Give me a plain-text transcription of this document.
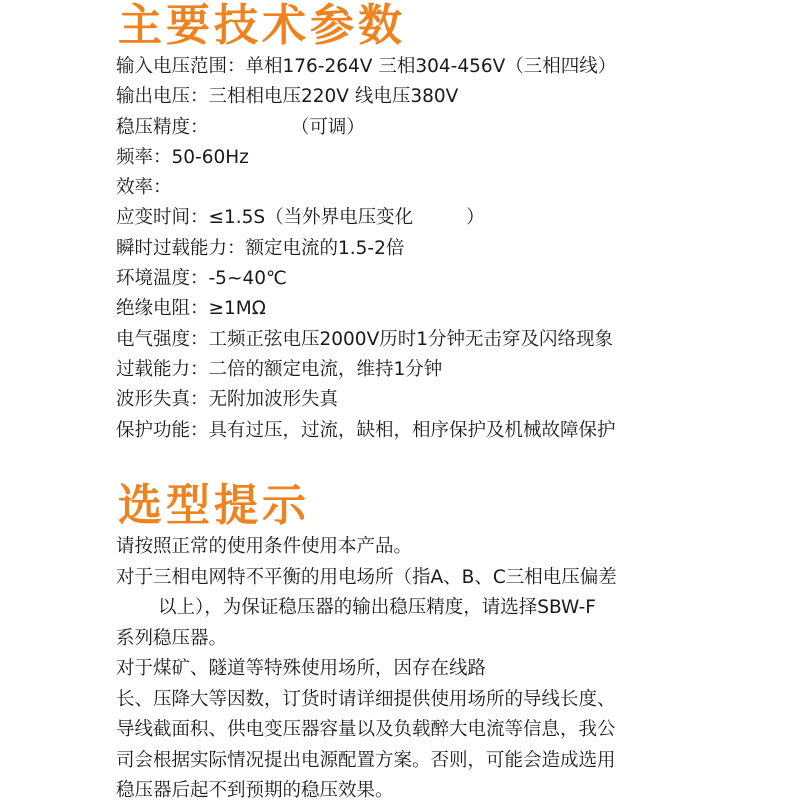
主要技术参数
输入电压范围：单相176-264V 三相304-456V（三相四线）
输出电压：三相相电压220V 线电压380V
稳压精度：              （可调）
频率：50-60Hz
效率：
应变时间：≤1.5S（当外界电压变化         ）
瞬时过载能力：额定电流的1.5-2倍
环境温度：-5~40℃
绝缘电阻：≥1MΩ
电气强度：工频正弦电压2000V历时1分钟无击穿及闪络现象
过载能力：二倍的额定电流，维持1分钟
波形失真：无附加波形失真
保护功能：具有过压，过流，缺相，相序保护及机械故障保护
选型提示
请按照正常的使用条件使用本产品。
对于三相电网特不平衡的用电场所（指A、B、C三相电压偏差
以上），为保证稳压器的输出稳压精度，请选择SBW-F
系列稳压器。
对于煤矿、隧道等特殊使用场所，因存在线路
长、压降大等因数，订货时请详细提供使用场所的导线长度、
导线截面积、供电变压器容量以及负载醉大电流等信息，我公
司会根据实际情况提出电源配置方案。否则，可能会造成选用
稳压器后起不到预期的稳压效果。
